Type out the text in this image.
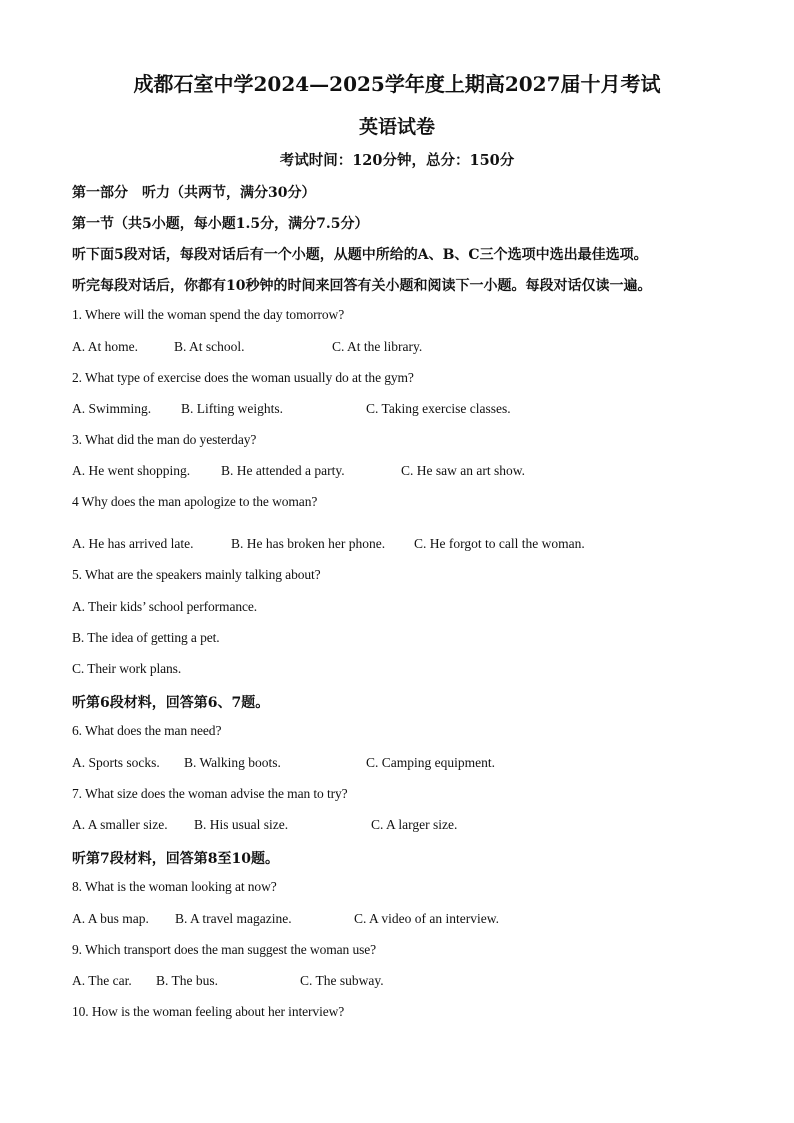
成都石室中学2024—2025学年度上期高2027届十月考试
英语试卷
考试时间：120分钟，总分：150分
第一部分　听力（共两节，满分30分）
第一节（共5小题，每小题1.5分，满分7.5分）
听下面5段对话，每段对话后有一个小题，从题中所给的A、B、C三个选项中选出最佳选项。
听完每段对话后，你都有10秒钟的时间来回答有关小题和阅读下一小题。每段对话仅读一遍。
1. Where will the woman spend the day tomorrow?
A. At home.	B. At school.	C. At the library.
2. What type of exercise does the woman usually do at the gym?
A. Swimming. B. Lifting weights.	C. Taking exercise classes.
3. What did the man do yesterday?
A. He went shopping. B. He attended a party.	C. He saw an art show.
4 Why does the man apologize to the woman?
A. He has arrived late.	B. He has broken her phone. C. He forgot to call the woman.
5. What are the speakers mainly talking about?
A. Their kids’ school performance.
B. The idea of getting a pet.
C. Their work plans.
听第6段材料，回答第6、7题。
6. What does the man need?
A. Sports socks. B. Walking boots.	C. Camping equipment.
7. What size does the woman advise the man to try?
A. A smaller size. B. His usual size.	C. A larger size.
听第7段材料，回答第8至10题。
8. What is the woman looking at now?
A. A bus map. B. A travel magazine.	C. A video of an interview.
9. Which transport does the man suggest the woman use?
A. The car. B. The bus.	C. The subway.
10. How is the woman feeling about her interview?
